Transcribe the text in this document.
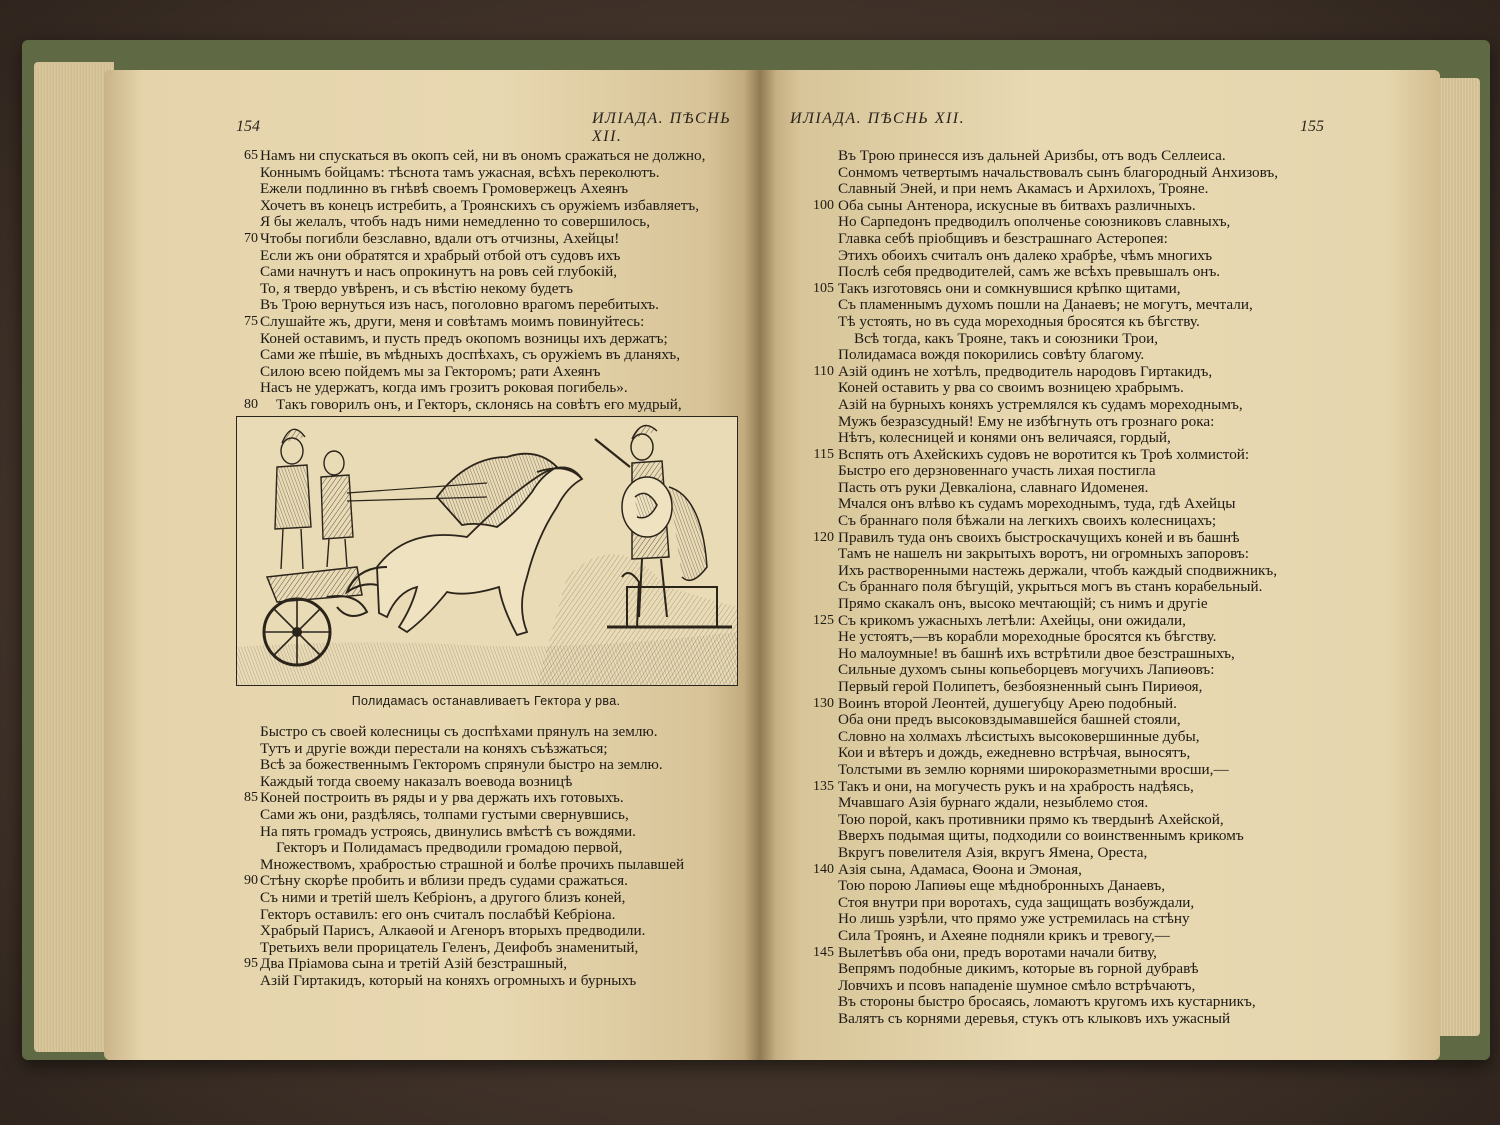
154	ИЛІАДА. ПѢСНЬ XII.
65 Намъ ни спускаться въ окопъ сей, ни въ ономъ сражаться не должно,
Коннымъ бойцамъ: тѣснота тамъ ужасная, всѣхъ переколютъ.
Ежели подлинно въ гнѣвѣ своемъ Громовержецъ Ахеянъ
Хочетъ въ конецъ истребить, а Троянскихъ съ оружіемъ избавляетъ,
Я бы желалъ, чтобъ надъ ними немедленно то совершилось,
70 Чтобы погибли безславно, вдали отъ отчизны, Ахейцы!
Если жъ они обратятся и храбрый отбой отъ судовъ ихъ
Сами начнутъ и насъ опрокинутъ на ровъ сей глубокій,
То, я твердо увѣренъ, и съ вѣстію некому будетъ
Въ Трою вернуться изъ насъ, поголовно врагомъ перебитыхъ.
75 Слушайте жъ, други, меня и совѣтамъ моимъ повинуйтесь:
Коней оставимъ, и пусть предъ окопомъ возницы ихъ держатъ;
Сами же пѣшіе, въ мѣдныхъ доспѣхахъ, съ оружіемъ въ дланяхъ,
Силою всею пойдемъ мы за Гекторомъ; рати Ахеянъ
Насъ не удержатъ, когда имъ грозитъ роковая погибель».
80 Такъ говорилъ онъ, и Гекторъ, склонясь на совѣтъ его мудрый,
Полидамасъ останавливаетъ Гектора у рва.
Быстро съ своей колесницы съ доспѣхами прянулъ на землю.
Тутъ и другіе вожди перестали на коняхъ съѣзжаться;
Всѣ за божественнымъ Гекторомъ спрянули быстро на землю.
Каждый тогда своему наказалъ воевода возницѣ
85 Коней построить въ ряды и у рва держать ихъ готовыхъ.
Сами жъ они, раздѣлясь, толпами густыми свернувшись,
На пять громадъ устроясь, двинулись вмѣстѣ съ вождями.
Гекторъ и Полидамасъ предводили громадою первой,
Множествомъ, храбростью страшной и болѣе прочихъ пылавшей
90 Стѣну скорѣе пробить и вблизи предъ судами сражаться.
Съ ними и третій шелъ Кебріонъ, а другого близъ коней,
Гекторъ оставилъ: его онъ считалъ послабѣй Кебріона.
Храбрый Парисъ, Алкаѳой и Агеноръ вторыхъ предводили.
Третьихъ вели прорицатель Геленъ, Деифобъ знаменитый,
95 Два Пріамова сына и третій Азій безстрашный,
Азій Гиртакидъ, который на коняхъ огромныхъ и бурныхъ
ИЛІАДА. ПѢСНЬ XII.	155
Въ Трою принесся изъ дальней Аризбы, отъ водъ Селлеиса.
Сонмомъ четвертымъ начальствовалъ сынъ благородный Анхизовъ,
Славный Эней, и при немъ Акамасъ и Архилохъ, Трояне.
100 Оба сыны Антенора, искусные въ битвахъ различныхъ.
Но Сарпедонъ предводилъ ополченье союзниковъ славныхъ,
Главка себѣ пріобщивъ и безстрашнаго Астеропея:
Этихъ обоихъ считалъ онъ далеко храбрѣе, чѣмъ многихъ
Послѣ себя предводителей, самъ же всѣхъ превышалъ онъ.
105 Такъ изготовясь они и сомкнувшися крѣпко щитами,
Съ пламеннымъ духомъ пошли на Данаевъ; не могутъ, мечтали,
Тѣ устоять, но въ суда мореходныя бросятся къ бѣгству.
Всѣ тогда, какъ Трояне, такъ и союзники Трои,
Полидамаса вождя покорились совѣту благому.
110 Азій одинъ не хотѣлъ, предводитель народовъ Гиртакидъ,
Коней оставить у рва со своимъ возницею храбрымъ.
Азій на бурныхъ коняхъ устремлялся къ судамъ мореходнымъ,
Мужъ безразсудный! Ему не избѣгнуть отъ грознаго рока:
Нѣтъ, колесницей и конями онъ величаяся, гордый,
115 Вспять отъ Ахейскихъ судовъ не воротится къ Троѣ холмистой:
Быстро его дерзновеннаго участь лихая постигла
Пасть отъ руки Девкаліона, славнаго Идоменея.
Мчался онъ влѣво къ судамъ мореходнымъ, туда, гдѣ Ахейцы
Съ браннаго поля бѣжали на легкихъ своихъ колесницахъ;
120 Правилъ туда онъ своихъ быстроскачущихъ коней и въ башнѣ
Тамъ не нашелъ ни закрытыхъ воротъ, ни огромныхъ запоровъ:
Ихъ растворенными настежь держали, чтобъ каждый сподвижникъ,
Съ браннаго поля бѣгущій, укрыться могъ въ станъ корабельный.
Прямо скакалъ онъ, высоко мечтающій; съ нимъ и другіе
125 Съ крикомъ ужасныхъ летѣли: Ахейцы, они ожидали,
Не устоятъ,—въ корабли мореходные бросятся къ бѣгству.
Но малоумные! въ башнѣ ихъ встрѣтили двое безстрашныхъ,
Сильные духомъ сыны копьеборцевъ могучихъ Лапиѳовъ:
Первый герой Полипетъ, безбоязненный сынъ Пириѳоя,
130 Воинъ второй Леонтей, душегубцу Арею подобный.
Оба они предъ высоковздымавшейся башней стояли,
Словно на холмахъ лѣсистыхъ высоковершинные дубы,
Кои и вѣтеръ и дождь, ежедневно встрѣчая, выносятъ,
Толстыми въ землю корнями широкоразметными вросши,—
135 Такъ и они, на могучесть рукъ и на храбрость надѣясь,
Мчавшаго Азія бурнаго ждали, незыблемо стоя.
Тою порой, какъ противники прямо къ твердынѣ Ахейской,
Вверхъ подымая щиты, подходили со воинственнымъ крикомъ
Вкругъ повелителя Азія, вкругъ Ямена, Ореста,
140 Азія сына, Адамаса, Ѳоона и Эмоная,
Тою порою Лапиѳы еще мѣднобронныхъ Данаевъ,
Стоя внутри при воротахъ, суда защищать возбуждали,
Но лишь узрѣли, что прямо уже устремилась на стѣну
Сила Троянъ, и Ахеяне подняли крикъ и тревогу,—
145 Вылетѣвъ оба они, предъ воротами начали битву,
Вепрямъ подобные дикимъ, которые въ горной дубравѣ
Ловчихъ и псовъ нападеніе шумное смѣло встрѣчаютъ,
Въ стороны быстро бросаясь, ломаютъ кругомъ ихъ кустарникъ,
Валятъ съ корнями деревья, стукъ отъ клыковъ ихъ ужасный
